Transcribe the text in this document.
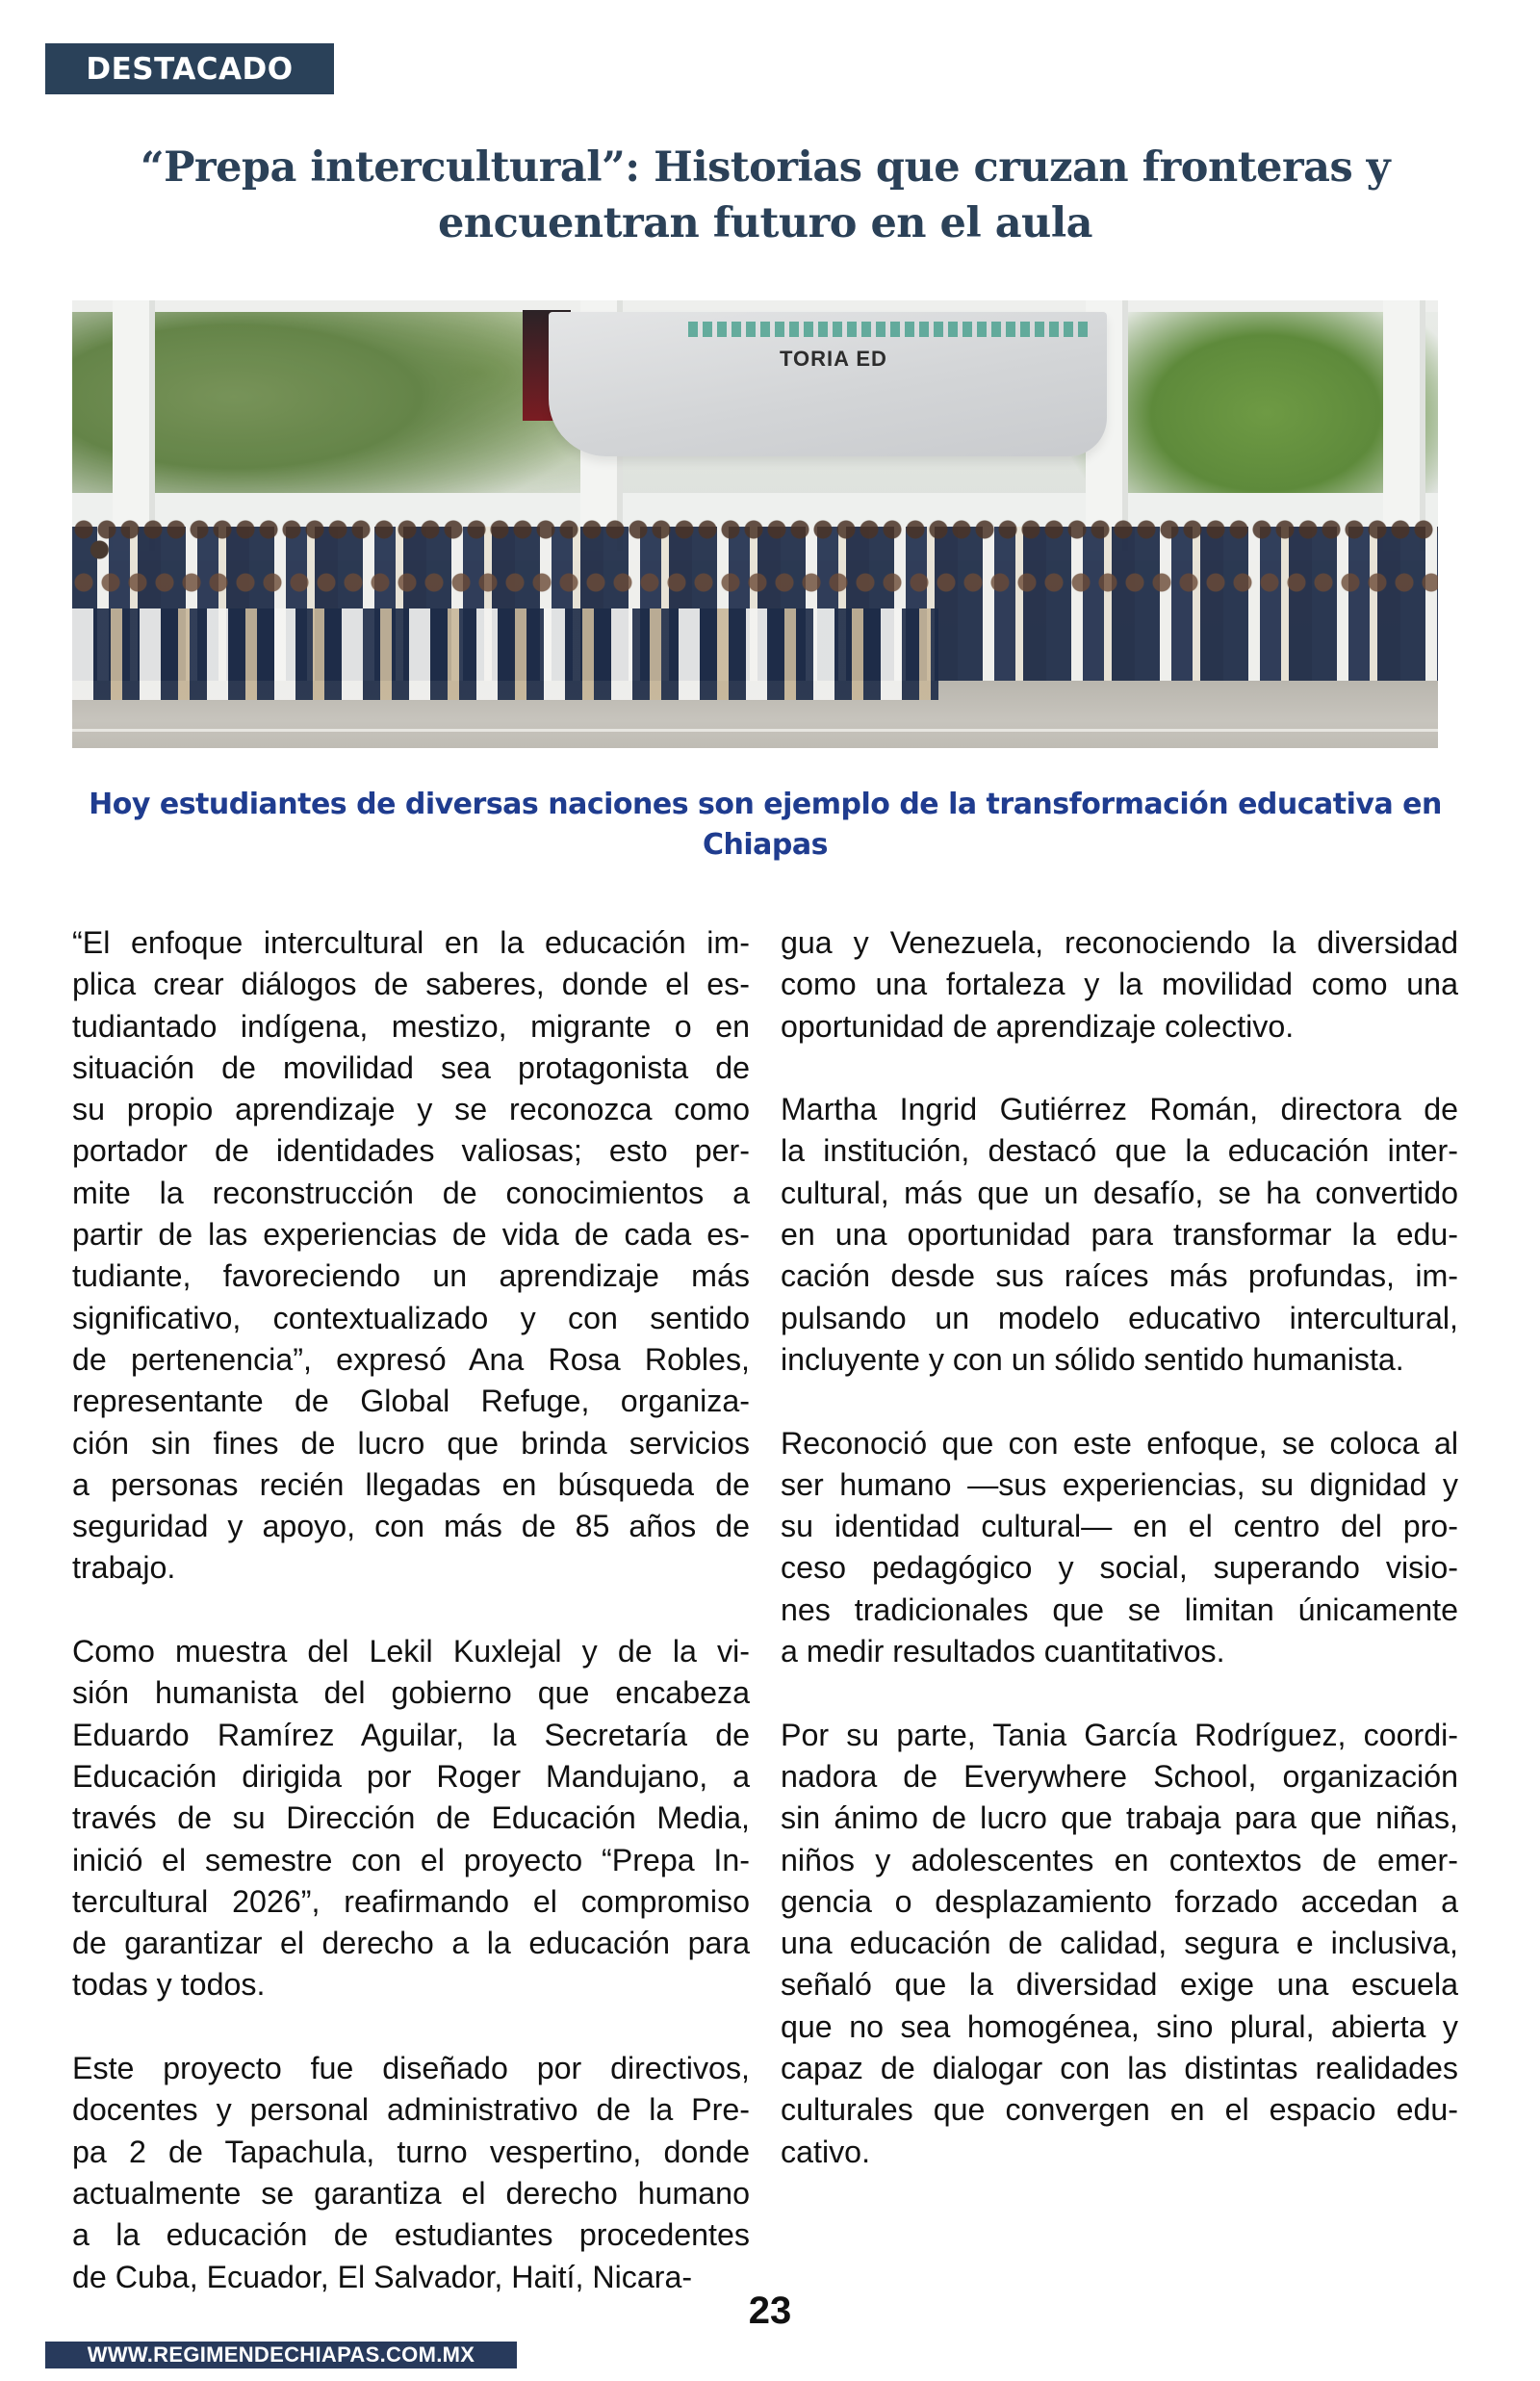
DESTACADO
“Prepa intercultural”: Historias que cruzan fronteras y
encuentran futuro en el aula
TORIA ED
Hoy estudiantes de diversas naciones son ejemplo de la transformación educativa en
Chiapas

“El enfoque intercultural en la educación im-
plica crear diálogos de saberes, donde el es-
tudiantado indígena, mestizo, migrante o en
situación de movilidad sea protagonista de
su propio aprendizaje y se reconozca como
portador de identidades valiosas; esto per-
mite la reconstrucción de conocimientos a
partir de las experiencias de vida de cada es-
tudiante, favoreciendo un aprendizaje más
significativo, contextualizado y con sentido
de pertenencia”, expresó Ana Rosa Robles,
representante de Global Refuge, organiza-
ción sin fines de lucro que brinda servicios
a personas recién llegadas en búsqueda de
seguridad y apoyo, con más de 85 años de
trabajo.

Como muestra del Lekil Kuxlejal y de la vi-
sión humanista del gobierno que encabeza
Eduardo Ramírez Aguilar, la Secretaría de
Educación dirigida por Roger Mandujano, a
través de su Dirección de Educación Media,
inició el semestre con el proyecto “Prepa In-
tercultural 2026”, reafirmando el compromiso
de garantizar el derecho a la educación para
todas y todos.

Este proyecto fue diseñado por directivos,
docentes y personal administrativo de la Pre-
pa 2 de Tapachula, turno vespertino, donde
actualmente se garantiza el derecho humano
a la educación de estudiantes procedentes
de Cuba, Ecuador, El Salvador, Haití, Nicara-

gua y Venezuela, reconociendo la diversidad
como una fortaleza y la movilidad como una
oportunidad de aprendizaje colectivo.

Martha Ingrid Gutiérrez Román, directora de
la institución, destacó que la educación inter-
cultural, más que un desafío, se ha convertido
en una oportunidad para transformar la edu-
cación desde sus raíces más profundas, im-
pulsando un modelo educativo intercultural,
incluyente y con un sólido sentido humanista.

Reconoció que con este enfoque, se coloca al
ser humano —sus experiencias, su dignidad y
su identidad cultural— en el centro del pro-
ceso pedagógico y social, superando visio-
nes tradicionales que se limitan únicamente
a medir resultados cuantitativos.

Por su parte, Tania García Rodríguez, coordi-
nadora de Everywhere School, organización
sin ánimo de lucro que trabaja para que niñas,
niños y adolescentes en contextos de emer-
gencia o desplazamiento forzado accedan a
una educación de calidad, segura e inclusiva,
señaló que la diversidad exige una escuela
que no sea homogénea, sino plural, abierta y
capaz de dialogar con las distintas realidades
culturales que convergen en el espacio edu-
cativo.

WWW.REGIMENDECHIAPAS.COM.MX
23
